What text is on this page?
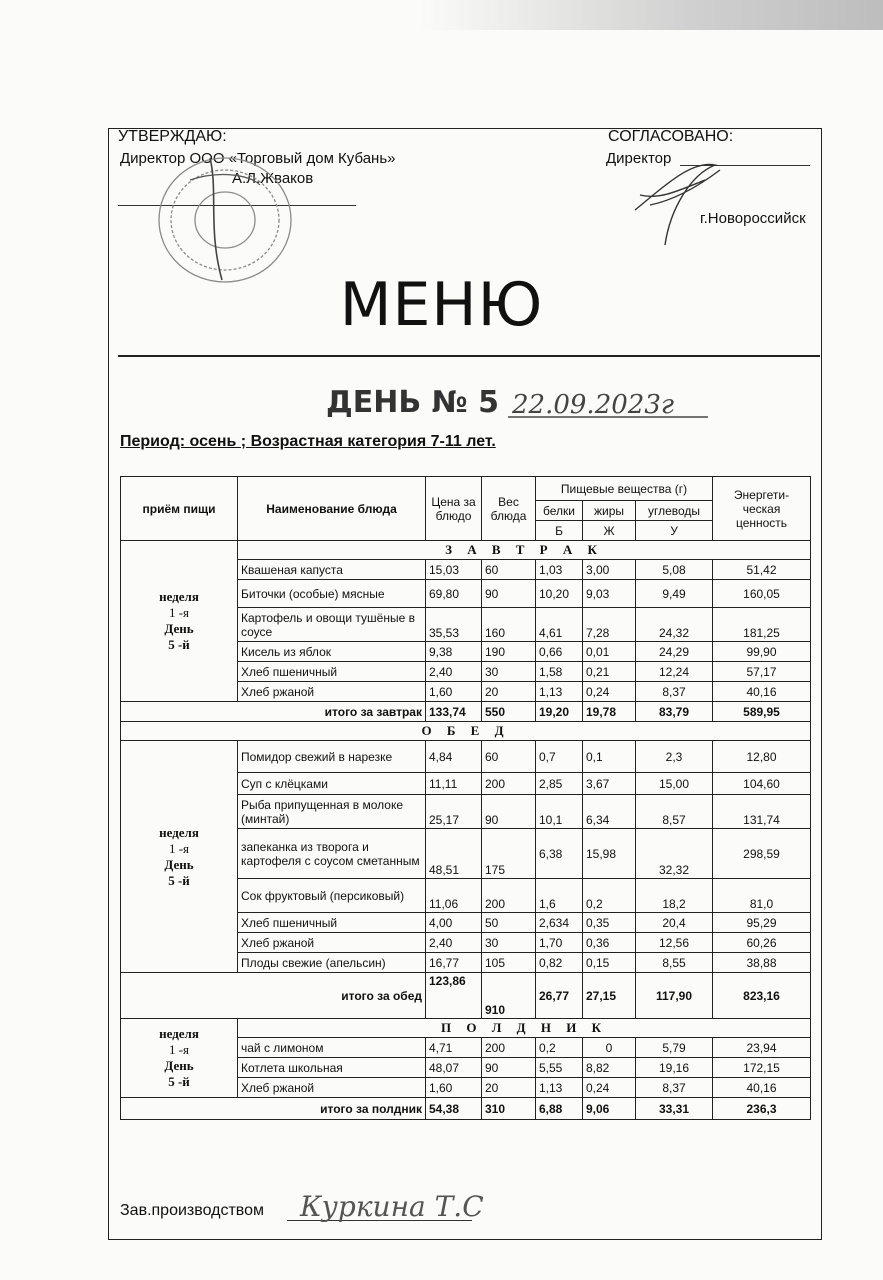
УТВЕРЖДАЮ:
Директор ООО «Торговый дом Кубань»
А.Л.Жваков
СОГЛАСОВАНО:
Директор
г.Новороссийск
МЕНЮ
ДЕНЬ № 5 22.09.2023г
Период: осень ; Возрастная категория 7-11 лет.
приём пищи	Наименование блюда	Цена за блюдо	Вес блюда	Пищевые вещества (г)			Энергети-ческая ценность
				белки	жиры	углеводы	
				Б	Ж	У	
неделя
1 -я
День
5 -й	З А В Т Р А К						
	Квашеная капуста	15,03	60	1,03	3,00	5,08	51,42
	Биточки (особые) мясные	69,80	90	10,20	9,03	9,49	160,05
	Картофель и овощи тушёные в соусе	35,53	160	4,61	7,28	24,32	181,25
	Кисель из яблок	9,38	190	0,66	0,01	24,29	99,90
	Хлеб пшеничный	2,40	30	1,58	0,21	12,24	57,17
	Хлеб ржаной	1,60	20	1,13	0,24	8,37	40,16
итого за завтрак		133,74	550	19,20	19,78	83,79	589,95
О Б Е Д							
неделя
1 -я
День
5 -й	Помидор свежий в нарезке	4,84	60	0,7	0,1	2,3	12,80
	Суп с клёцками	11,11	200	2,85	3,67	15,00	104,60
	Рыба припущенная в молоке (минтай)	25,17	90	10,1	6,34	8,57	131,74
	запеканка из творога и картофеля с соусом сметанным	48,51	175	6,38	15,98	32,32	298,59
	Сок фруктовый (персиковый)	11,06	200	1,6	0,2	18,2	81,0
	Хлеб пшеничный	4,00	50	2,634	0,35	20,4	95,29
	Хлеб ржаной	2,40	30	1,70	0,36	12,56	60,26
	Плоды свежие (апельсин)	16,77	105	0,82	0,15	8,55	38,88
итого за обед		123,86	910	26,77	27,15	117,90	823,16
неделя
1 -я
День
5 -й	П О Л Д Н И К						
	чай с лимоном	4,71	200	0,2	0	5,79	23,94
	Котлета школьная	48,07	90	5,55	8,82	19,16	172,15
	Хлеб ржаной	1,60	20	1,13	0,24	8,37	40,16
итого за полдник		54,38	310	6,88	9,06	33,31	236,3
Зав.производством Куркина Т.С
